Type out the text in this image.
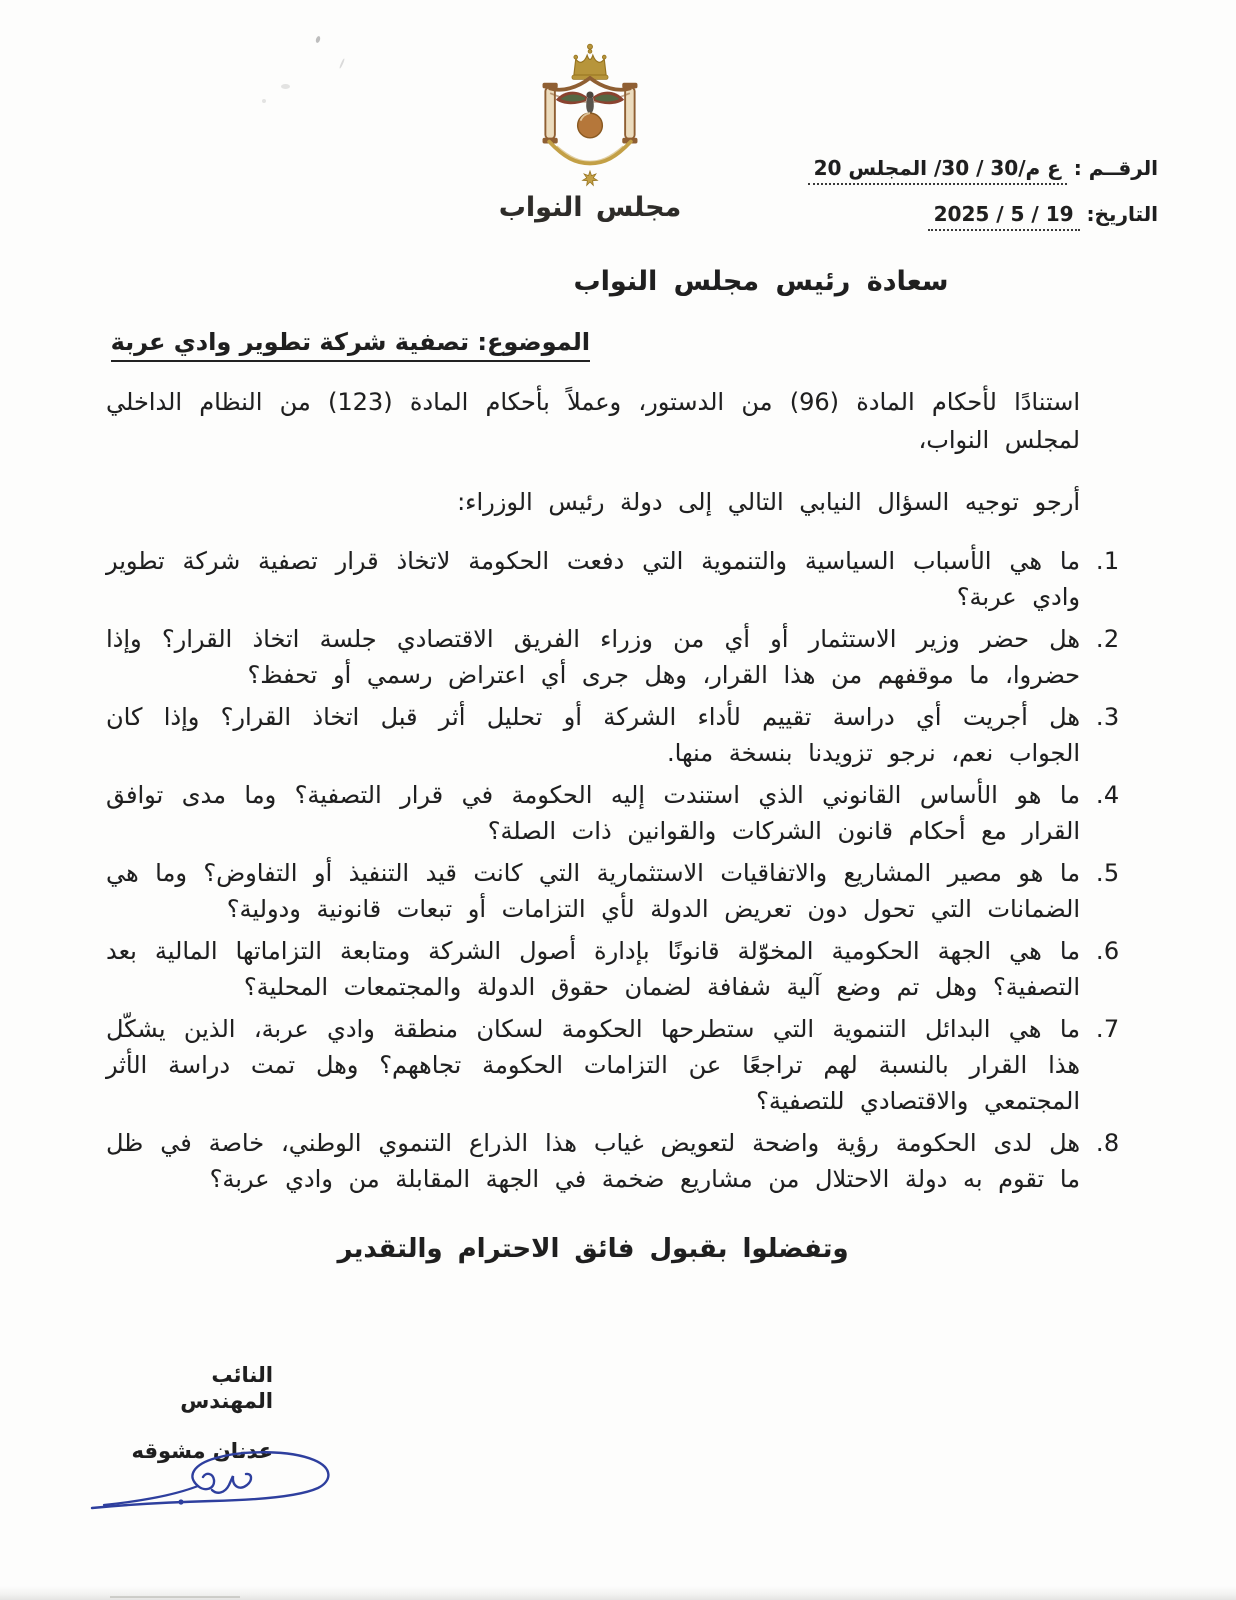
مجلس النواب
الرقــم : ع م/30 / 30/ المجلس 20
التاريخ: 19 / 5 / 2025
سعادة رئيس مجلس النواب
الموضوع: تصفية شركة تطوير وادي عربة

استنادًا لأحكام المادة (96) من الدستور، وعملاً بأحكام المادة (123) من النظام الداخلي لمجلس النواب،

أرجو توجيه السؤال النيابي التالي إلى دولة رئيس الوزراء:

1. ما هي الأسباب السياسية والتنموية التي دفعت الحكومة لاتخاذ قرار تصفية شركة تطوير وادي عربة؟
2. هل حضر وزير الاستثمار أو أي من وزراء الفريق الاقتصادي جلسة اتخاذ القرار؟ وإذا حضروا، ما موقفهم من هذا القرار، وهل جرى أي اعتراض رسمي أو تحفظ؟
3. هل أجريت أي دراسة تقييم لأداء الشركة أو تحليل أثر قبل اتخاذ القرار؟ وإذا كان الجواب نعم، نرجو تزويدنا بنسخة منها.
4. ما هو الأساس القانوني الذي استندت إليه الحكومة في قرار التصفية؟ وما مدى توافق القرار مع أحكام قانون الشركات والقوانين ذات الصلة؟
5. ما هو مصير المشاريع والاتفاقيات الاستثمارية التي كانت قيد التنفيذ أو التفاوض؟ وما هي الضمانات التي تحول دون تعريض الدولة لأي التزامات أو تبعات قانونية ودولية؟
6. ما هي الجهة الحكومية المخوّلة قانونًا بإدارة أصول الشركة ومتابعة التزاماتها المالية بعد التصفية؟ وهل تم وضع آلية شفافة لضمان حقوق الدولة والمجتمعات المحلية؟
7. ما هي البدائل التنموية التي ستطرحها الحكومة لسكان منطقة وادي عربة، الذين يشكّل هذا القرار بالنسبة لهم تراجعًا عن التزامات الحكومة تجاههم؟ وهل تمت دراسة الأثر المجتمعي والاقتصادي للتصفية؟
8. هل لدى الحكومة رؤية واضحة لتعويض غياب هذا الذراع التنموي الوطني، خاصة في ظل ما تقوم به دولة الاحتلال من مشاريع ضخمة في الجهة المقابلة من وادي عربة؟

وتفضلوا بقبول فائق الاحترام والتقدير

النائب المهندس
عدنان مشوقه
